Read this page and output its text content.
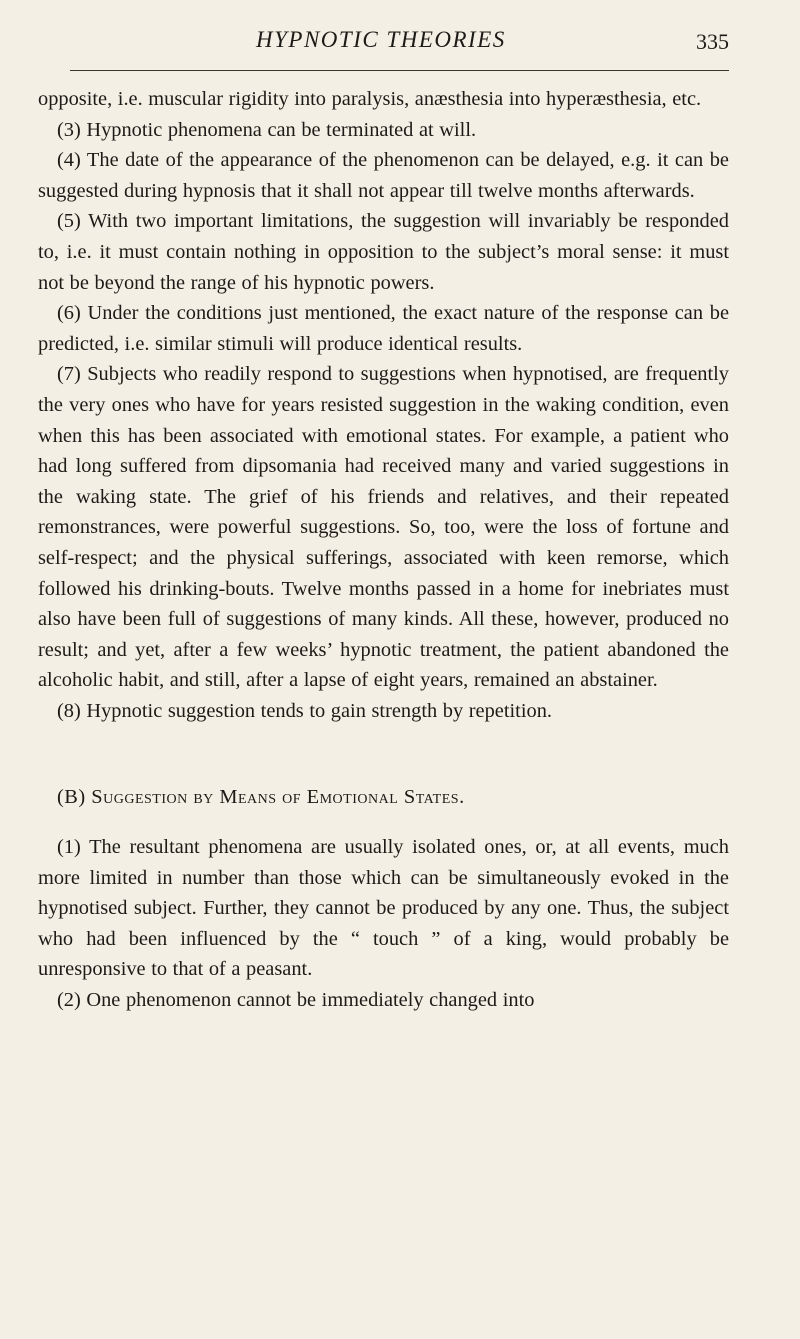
HYPNOTIC THEORIES	335

opposite, i.e. muscular rigidity into paralysis, anæsthesia into hyperæsthesia, etc.

(3) Hypnotic phenomena can be terminated at will.

(4) The date of the appearance of the phenomenon can be delayed, e.g. it can be suggested during hypnosis that it shall not appear till twelve months afterwards.

(5) With two important limitations, the suggestion will invariably be responded to, i.e. it must contain nothing in opposition to the subject’s moral sense: it must not be beyond the range of his hypnotic powers.

(6) Under the conditions just mentioned, the exact nature of the response can be predicted, i.e. similar stimuli will produce identical results.

(7) Subjects who readily respond to suggestions when hypnotised, are frequently the very ones who have for years resisted suggestion in the waking condition, even when this has been associated with emotional states. For example, a patient who had long suffered from dipsomania had received many and varied suggestions in the waking state. The grief of his friends and relatives, and their repeated remonstrances, were powerful suggestions. So, too, were the loss of fortune and self-respect; and the physical sufferings, associated with keen remorse, which followed his drinking-bouts. Twelve months passed in a home for inebriates must also have been full of suggestions of many kinds. All these, however, produced no result; and yet, after a few weeks’ hypnotic treatment, the patient abandoned the alcoholic habit, and still, after a lapse of eight years, remained an abstainer.

(8) Hypnotic suggestion tends to gain strength by repetition.

(B) Suggestion by Means of Emotional States.

(1) The resultant phenomena are usually isolated ones, or, at all events, much more limited in number than those which can be simultaneously evoked in the hypnotised subject. Further, they cannot be produced by any one. Thus, the subject who had been influenced by the “ touch ” of a king, would probably be unresponsive to that of a peasant.

(2) One phenomenon cannot be immediately changed into
